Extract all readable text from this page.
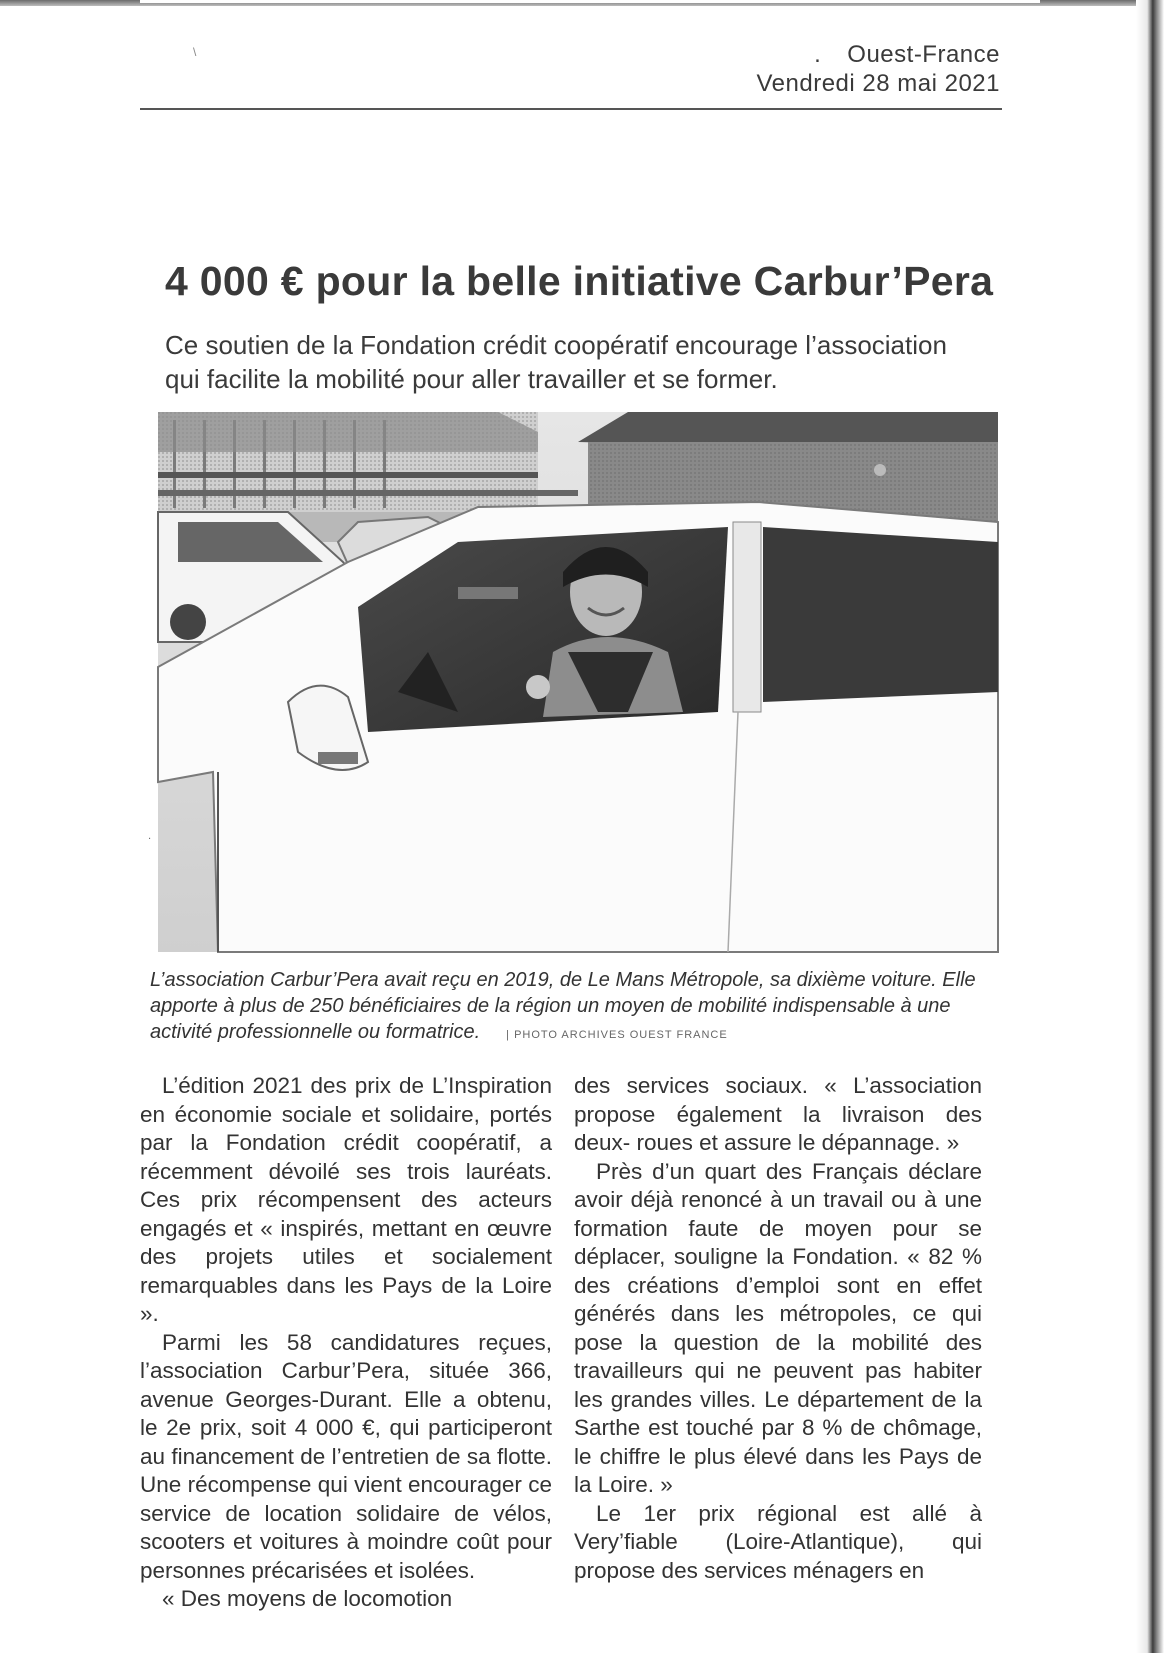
\	. Ouest-France
Vendredi 28 mai 2021
4 000 € pour la belle initiative Carbur’Pera
Ce soutien de la Fondation crédit coopératif encourage l’association qui facilite la mobilité pour aller travailler et se former.
·
L’association Carbur’Pera avait reçu en 2019, de Le Mans Métropole, sa dixième voiture. Elle apporte à plus de 250 bénéficiaires de la région un moyen de mobilité indispensable à une activité professionnelle ou formatrice. | PHOTO ARCHIVES OUEST FRANCE

L’édition 2021 des prix de L’Inspiration en économie sociale et solidaire, portés par la Fondation crédit coopératif, a récemment dévoilé ses trois lauréats. Ces prix récompensent des acteurs engagés et « inspirés, mettant en œuvre des projets utiles et socialement remarquables dans les Pays de la Loire ».

Parmi les 58 candidatures reçues, l’association Carbur’Pera, située 366, avenue Georges-Durant. Elle a obtenu, le 2e prix, soit 4 000 €, qui participeront au financement de l’entretien de sa flotte. Une récompense qui vient encourager ce service de location solidaire de vélos, scooters et voitures à moindre coût pour personnes précarisées et isolées.

« Des moyens de locomotion

des services sociaux. « L’association propose également la livraison des deux- roues et assure le dépannage. »

Près d’un quart des Français déclare avoir déjà renoncé à un travail ou à une formation faute de moyen pour se déplacer, souligne la Fondation. « 82 % des créations d’emploi sont en effet générés dans les métropoles, ce qui pose la question de la mobilité des travailleurs qui ne peuvent pas habiter les grandes villes. Le département de la Sarthe est touché par 8 % de chômage, le chiffre le plus élevé dans les Pays de la Loire. »

Le 1er prix régional est allé à Very’fiable (Loire-Atlantique), qui propose des services ménagers en
